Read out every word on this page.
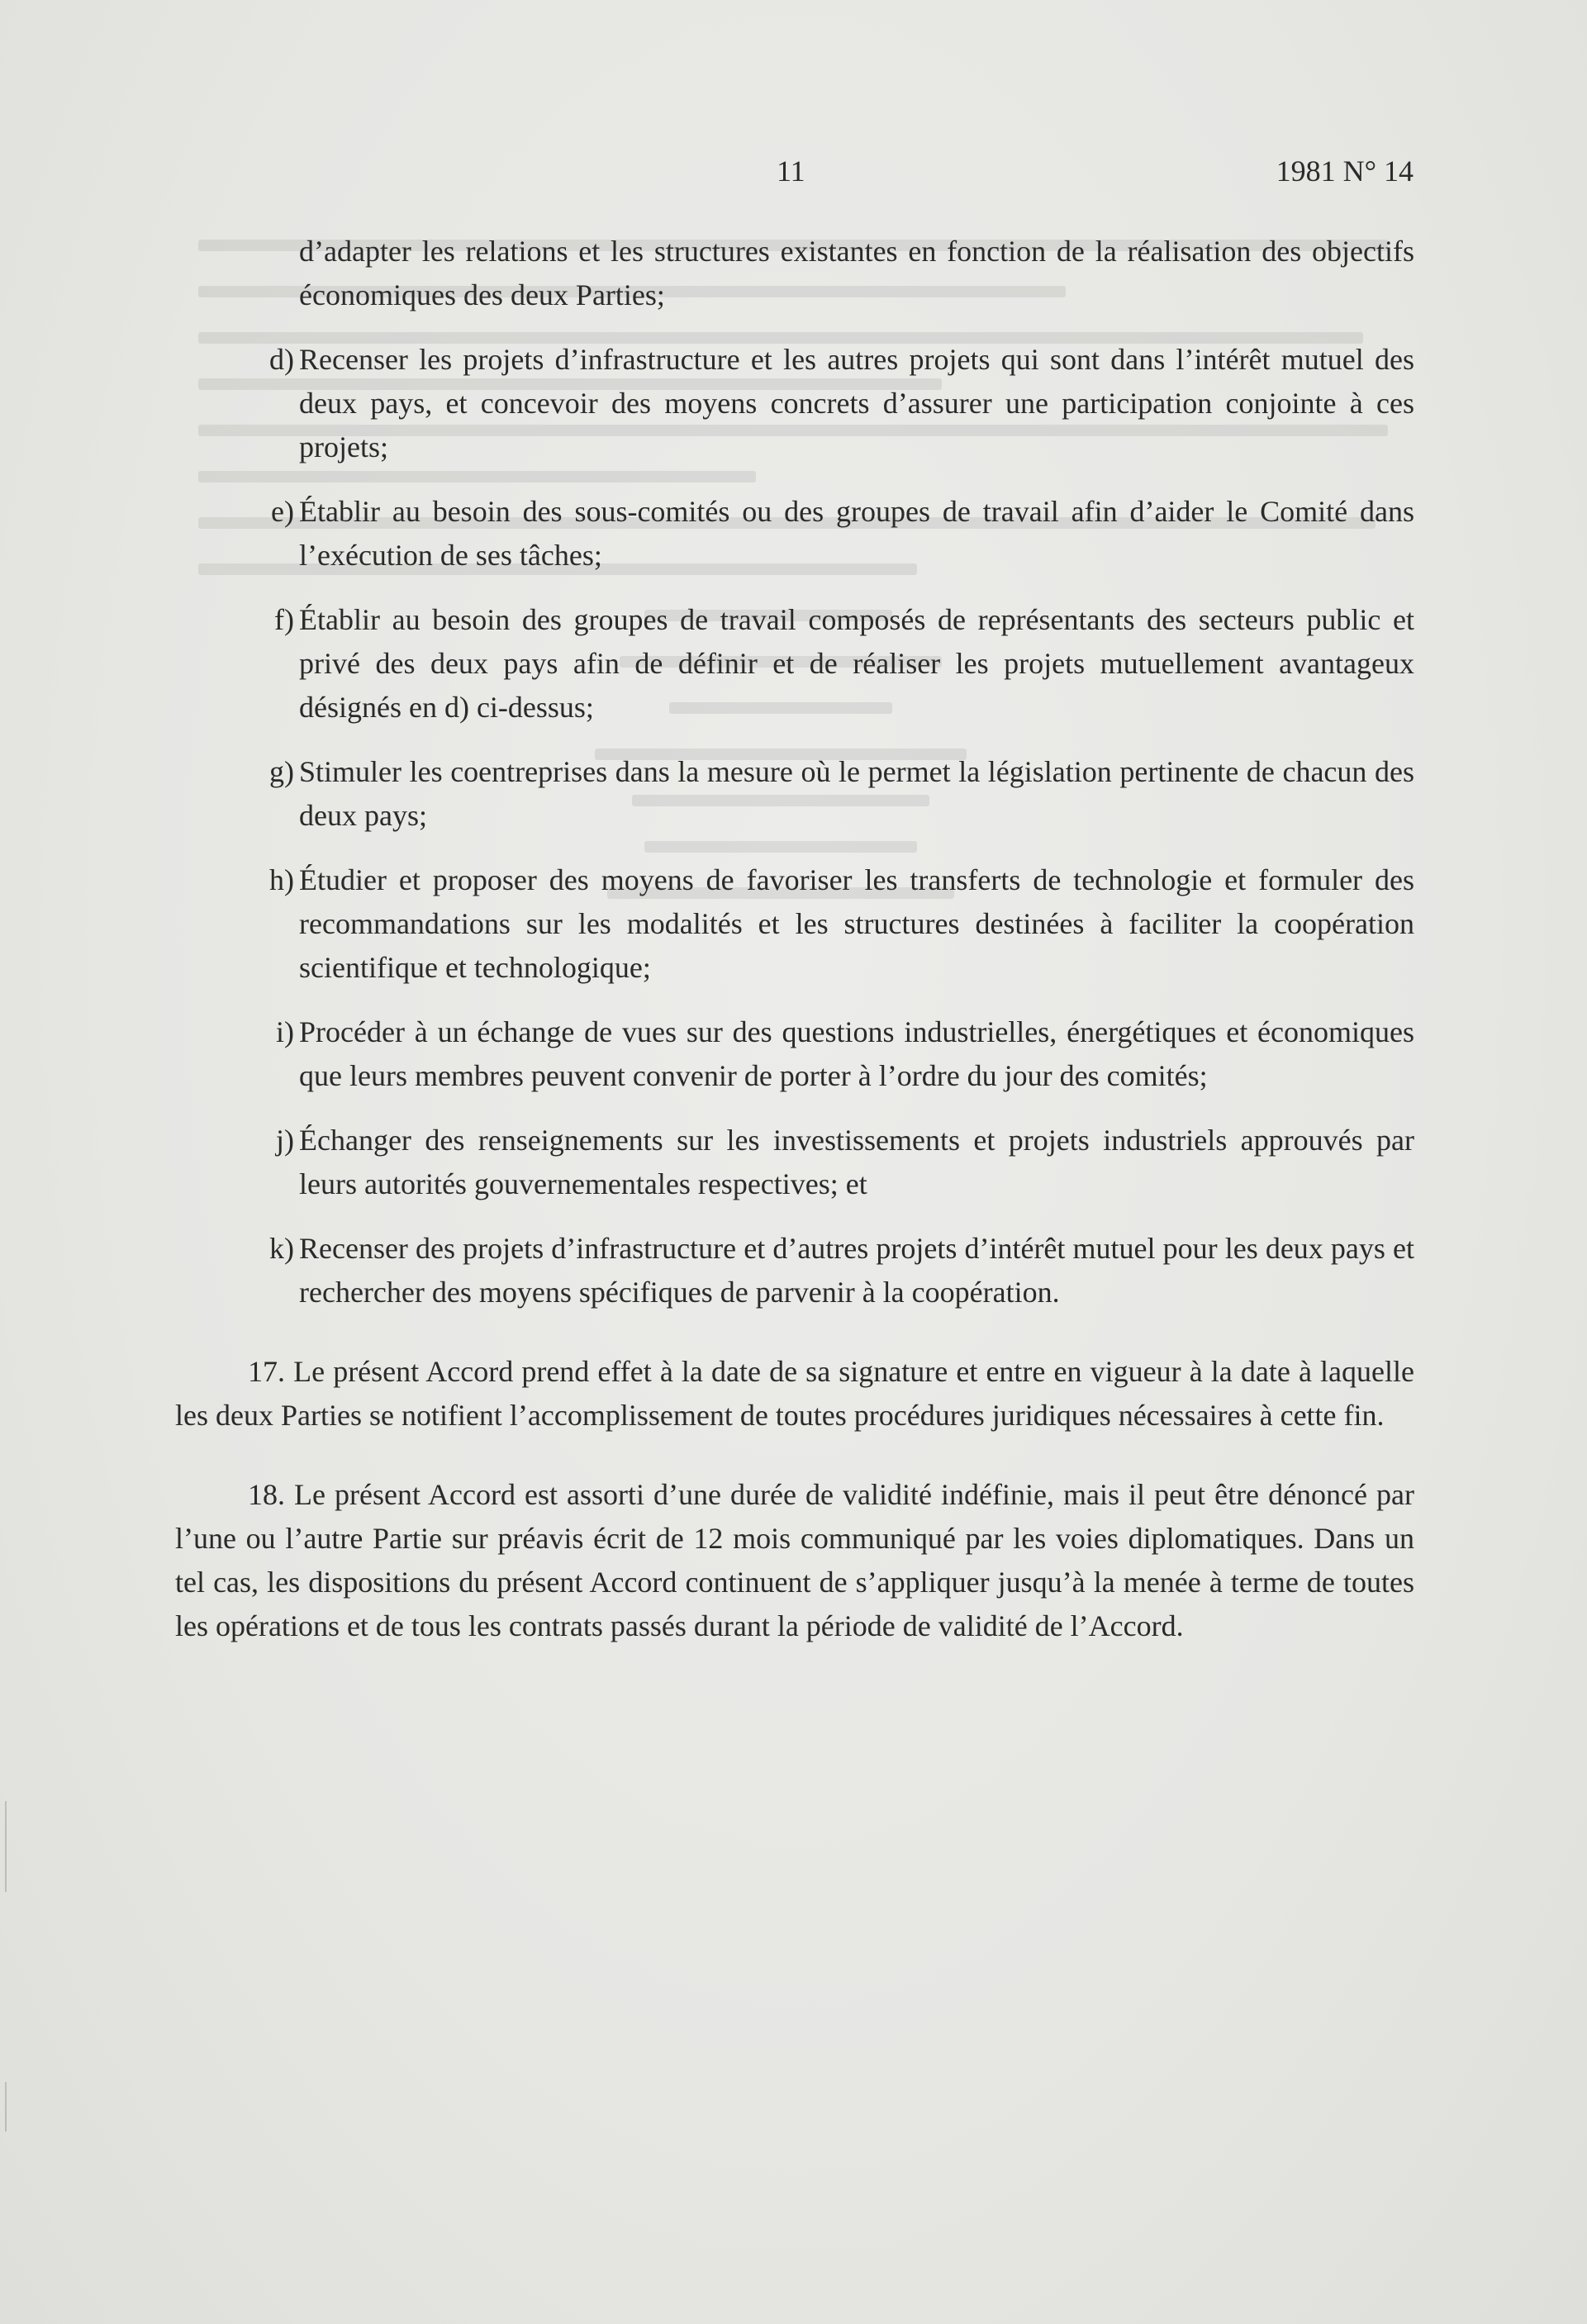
11	1981 N° 14

d’adapter les relations et les structures existantes en fonction de la réalisation des objectifs économiques des deux Parties;

d) Recenser les projets d’infrastructure et les autres projets qui sont dans l’intérêt mutuel des deux pays, et concevoir des moyens concrets d’assurer une participation conjointe à ces projets;
e) Établir au besoin des sous-comités ou des groupes de travail afin d’aider le Comité dans l’exécution de ses tâches;
f) Établir au besoin des groupes de travail composés de représentants des secteurs public et privé des deux pays afin de définir et de réaliser les projets mutuellement avantageux désignés en d) ci-dessus;
g) Stimuler les coentreprises dans la mesure où le permet la législation pertinente de chacun des deux pays;
h) Étudier et proposer des moyens de favoriser les transferts de technologie et formuler des recommandations sur les modalités et les structures destinées à faciliter la coopération scientifique et technologique;
i) Procéder à un échange de vues sur des questions industrielles, énergétiques et économiques que leurs membres peuvent convenir de porter à l’ordre du jour des comités;
j) Échanger des renseignements sur les investissements et projets industriels approuvés par leurs autorités gouvernementales respectives; et
k) Recenser des projets d’infrastructure et d’autres projets d’intérêt mutuel pour les deux pays et rechercher des moyens spécifiques de parvenir à la coopération.

17. Le présent Accord prend effet à la date de sa signature et entre en vigueur à la date à laquelle les deux Parties se notifient l’accomplissement de toutes procédures juridiques nécessaires à cette fin.

18. Le présent Accord est assorti d’une durée de validité indéfinie, mais il peut être dénoncé par l’une ou l’autre Partie sur préavis écrit de 12 mois communiqué par les voies diplomatiques. Dans un tel cas, les dispositions du présent Accord continuent de s’appliquer jusqu’à la menée à terme de toutes les opérations et de tous les contrats passés durant la période de validité de l’Accord.
